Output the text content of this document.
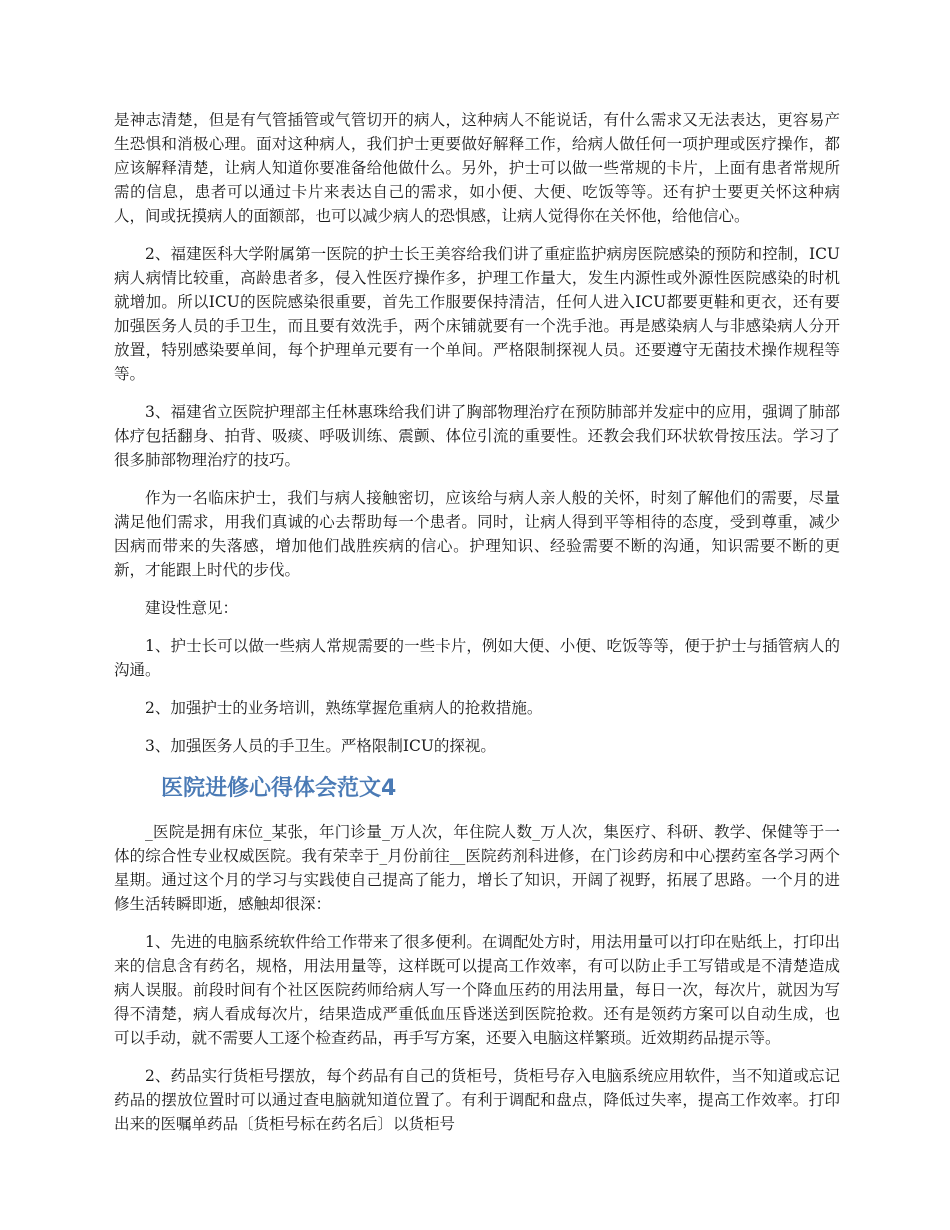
是神志清楚，但是有气管插管或气管切开的病人，这种病人不能说话，有什么需求又无法表达，更容易产生恐惧和消极心理。面对这种病人，我们护士更要做好解释工作，给病人做任何一项护理或医疗操作，都应该解释清楚，让病人知道你要准备给他做什么。另外，护士可以做一些常规的卡片，上面有患者常规所需的信息，患者可以通过卡片来表达自己的需求，如小便、大便、吃饭等等。还有护士要更关怀这种病人，间或抚摸病人的面额部，也可以减少病人的恐惧感，让病人觉得你在关怀他，给他信心。

2、福建医科大学附属第一医院的护士长王美容给我们讲了重症监护病房医院感染的预防和控制，ICU病人病情比较重，高龄患者多，侵入性医疗操作多，护理工作量大，发生内源性或外源性医院感染的时机就增加。所以ICU的医院感染很重要，首先工作服要保持清洁，任何人进入ICU都要更鞋和更衣，还有要加强医务人员的手卫生，而且要有效洗手，两个床铺就要有一个洗手池。再是感染病人与非感染病人分开放置，特别感染要单间，每个护理单元要有一个单间。严格限制探视人员。还要遵守无菌技术操作规程等等。

3、福建省立医院护理部主任林惠珠给我们讲了胸部物理治疗在预防肺部并发症中的应用，强调了肺部体疗包括翻身、拍背、吸痰、呼吸训练、震颤、体位引流的重要性。还教会我们环状软骨按压法。学习了很多肺部物理治疗的技巧。

作为一名临床护士，我们与病人接触密切，应该给与病人亲人般的关怀，时刻了解他们的需要，尽量满足他们需求，用我们真诚的心去帮助每一个患者。同时，让病人得到平等相待的态度，受到尊重，减少因病而带来的失落感，增加他们战胜疾病的信心。护理知识、经验需要不断的沟通，知识需要不断的更新，才能跟上时代的步伐。

建设性意见：

1、护士长可以做一些病人常规需要的一些卡片，例如大便、小便、吃饭等等，便于护士与插管病人的沟通。

2、加强护士的业务培训，熟练掌握危重病人的抢救措施。

3、加强医务人员的手卫生。严格限制ICU的探视。

医院进修心得体会范文4

_医院是拥有床位_某张，年门诊量_万人次，年住院人数_万人次，集医疗、科研、教学、保健等于一体的综合性专业权威医院。我有荣幸于_月份前往__医院药剂科进修，在门诊药房和中心摆药室各学习两个星期。通过这个月的学习与实践使自己提高了能力，增长了知识，开阔了视野，拓展了思路。一个月的进修生活转瞬即逝，感触却很深：

1、先进的电脑系统软件给工作带来了很多便利。在调配处方时，用法用量可以打印在贴纸上，打印出来的信息含有药名，规格，用法用量等，这样既可以提高工作效率，有可以防止手工写错或是不清楚造成病人误服。前段时间有个社区医院药师给病人写一个降血压药的用法用量，每日一次，每次片，就因为写得不清楚，病人看成每次片，结果造成严重低血压昏迷送到医院抢救。还有是领药方案可以自动生成，也可以手动，就不需要人工逐个检查药品，再手写方案，还要入电脑这样繁琐。近效期药品提示等。

2、药品实行货柜号摆放，每个药品有自己的货柜号，货柜号存入电脑系统应用软件，当不知道或忘记药品的摆放位置时可以通过查电脑就知道位置了。有利于调配和盘点，降低过失率，提高工作效率。打印出来的医嘱单药品〔货柜号标在药名后〕以货柜号
